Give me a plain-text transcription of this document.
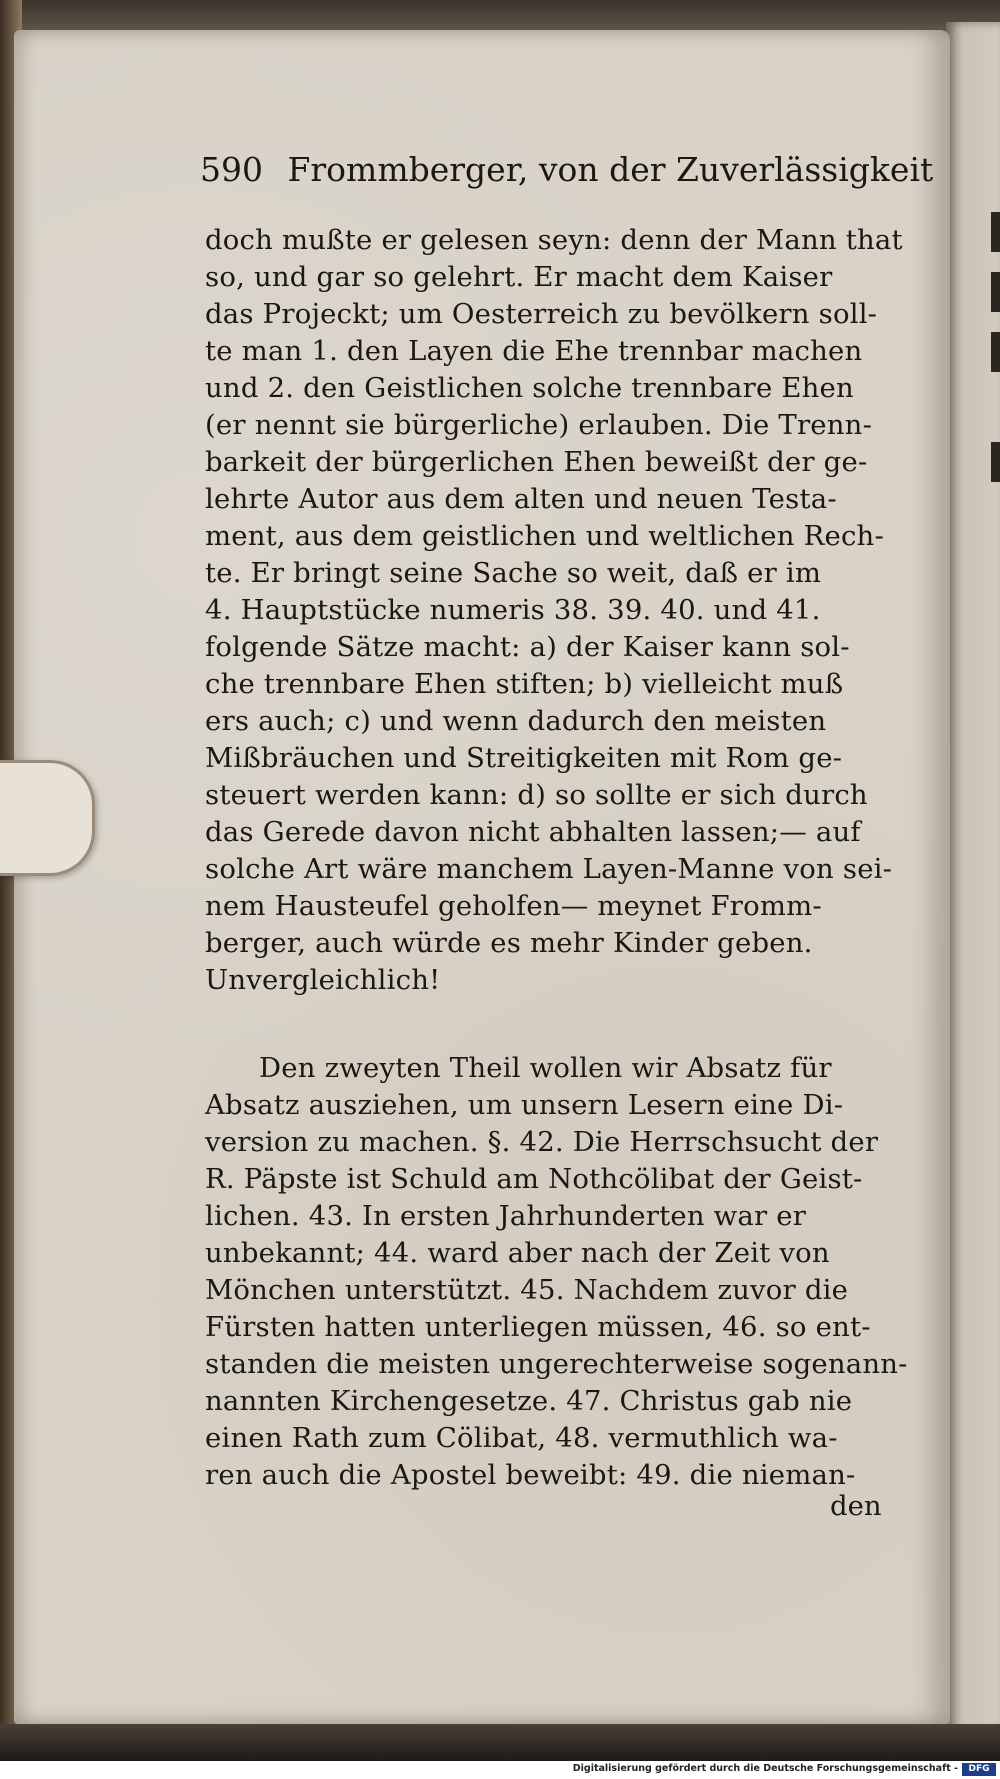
590 Frommberger, von der Zuverlässigkeit
doch mußte er gelesen seyn: denn der Mann that
so, und gar so gelehrt. Er macht dem Kaiser
das Projeckt; um Oesterreich zu bevölkern soll-
te man 1. den Layen die Ehe trennbar machen
und 2. den Geistlichen solche trennbare Ehen
(er nennt sie bürgerliche) erlauben. Die Trenn-
barkeit der bürgerlichen Ehen beweißt der ge-
lehrte Autor aus dem alten und neuen Testa-
ment, aus dem geistlichen und weltlichen Rech-
te. Er bringt seine Sache so weit, daß er im
4. Hauptstücke numeris 38. 39. 40. und 41.
folgende Sätze macht: a) der Kaiser kann sol-
che trennbare Ehen stiften; b) vielleicht muß
ers auch; c) und wenn dadurch den meisten
Mißbräuchen und Streitigkeiten mit Rom ge-
steuert werden kann: d) so sollte er sich durch
das Gerede davon nicht abhalten lassen;— auf
solche Art wäre manchem Layen-Manne von sei-
nem Hausteufel geholfen— meynet Fromm-
berger, auch würde es mehr Kinder geben.
Unvergleichlich!
Den zweyten Theil wollen wir Absatz für
Absatz ausziehen, um unsern Lesern eine Di-
version zu machen. §. 42. Die Herrschsucht der
R. Päpste ist Schuld am Nothcölibat der Geist-
lichen. 43. In ersten Jahrhunderten war er
unbekannt; 44. ward aber nach der Zeit von
Mönchen unterstützt. 45. Nachdem zuvor die
Fürsten hatten unterliegen müssen, 46. so ent-
standen die meisten ungerechterweise sogenann-
nannten Kirchengesetze. 47. Christus gab nie
einen Rath zum Cölibat, 48. vermuthlich wa-
ren auch die Apostel beweibt: 49. die nieman-
den
Digitalisierung gefördert durch die Deutsche Forschungsgemeinschaft -	DFG
